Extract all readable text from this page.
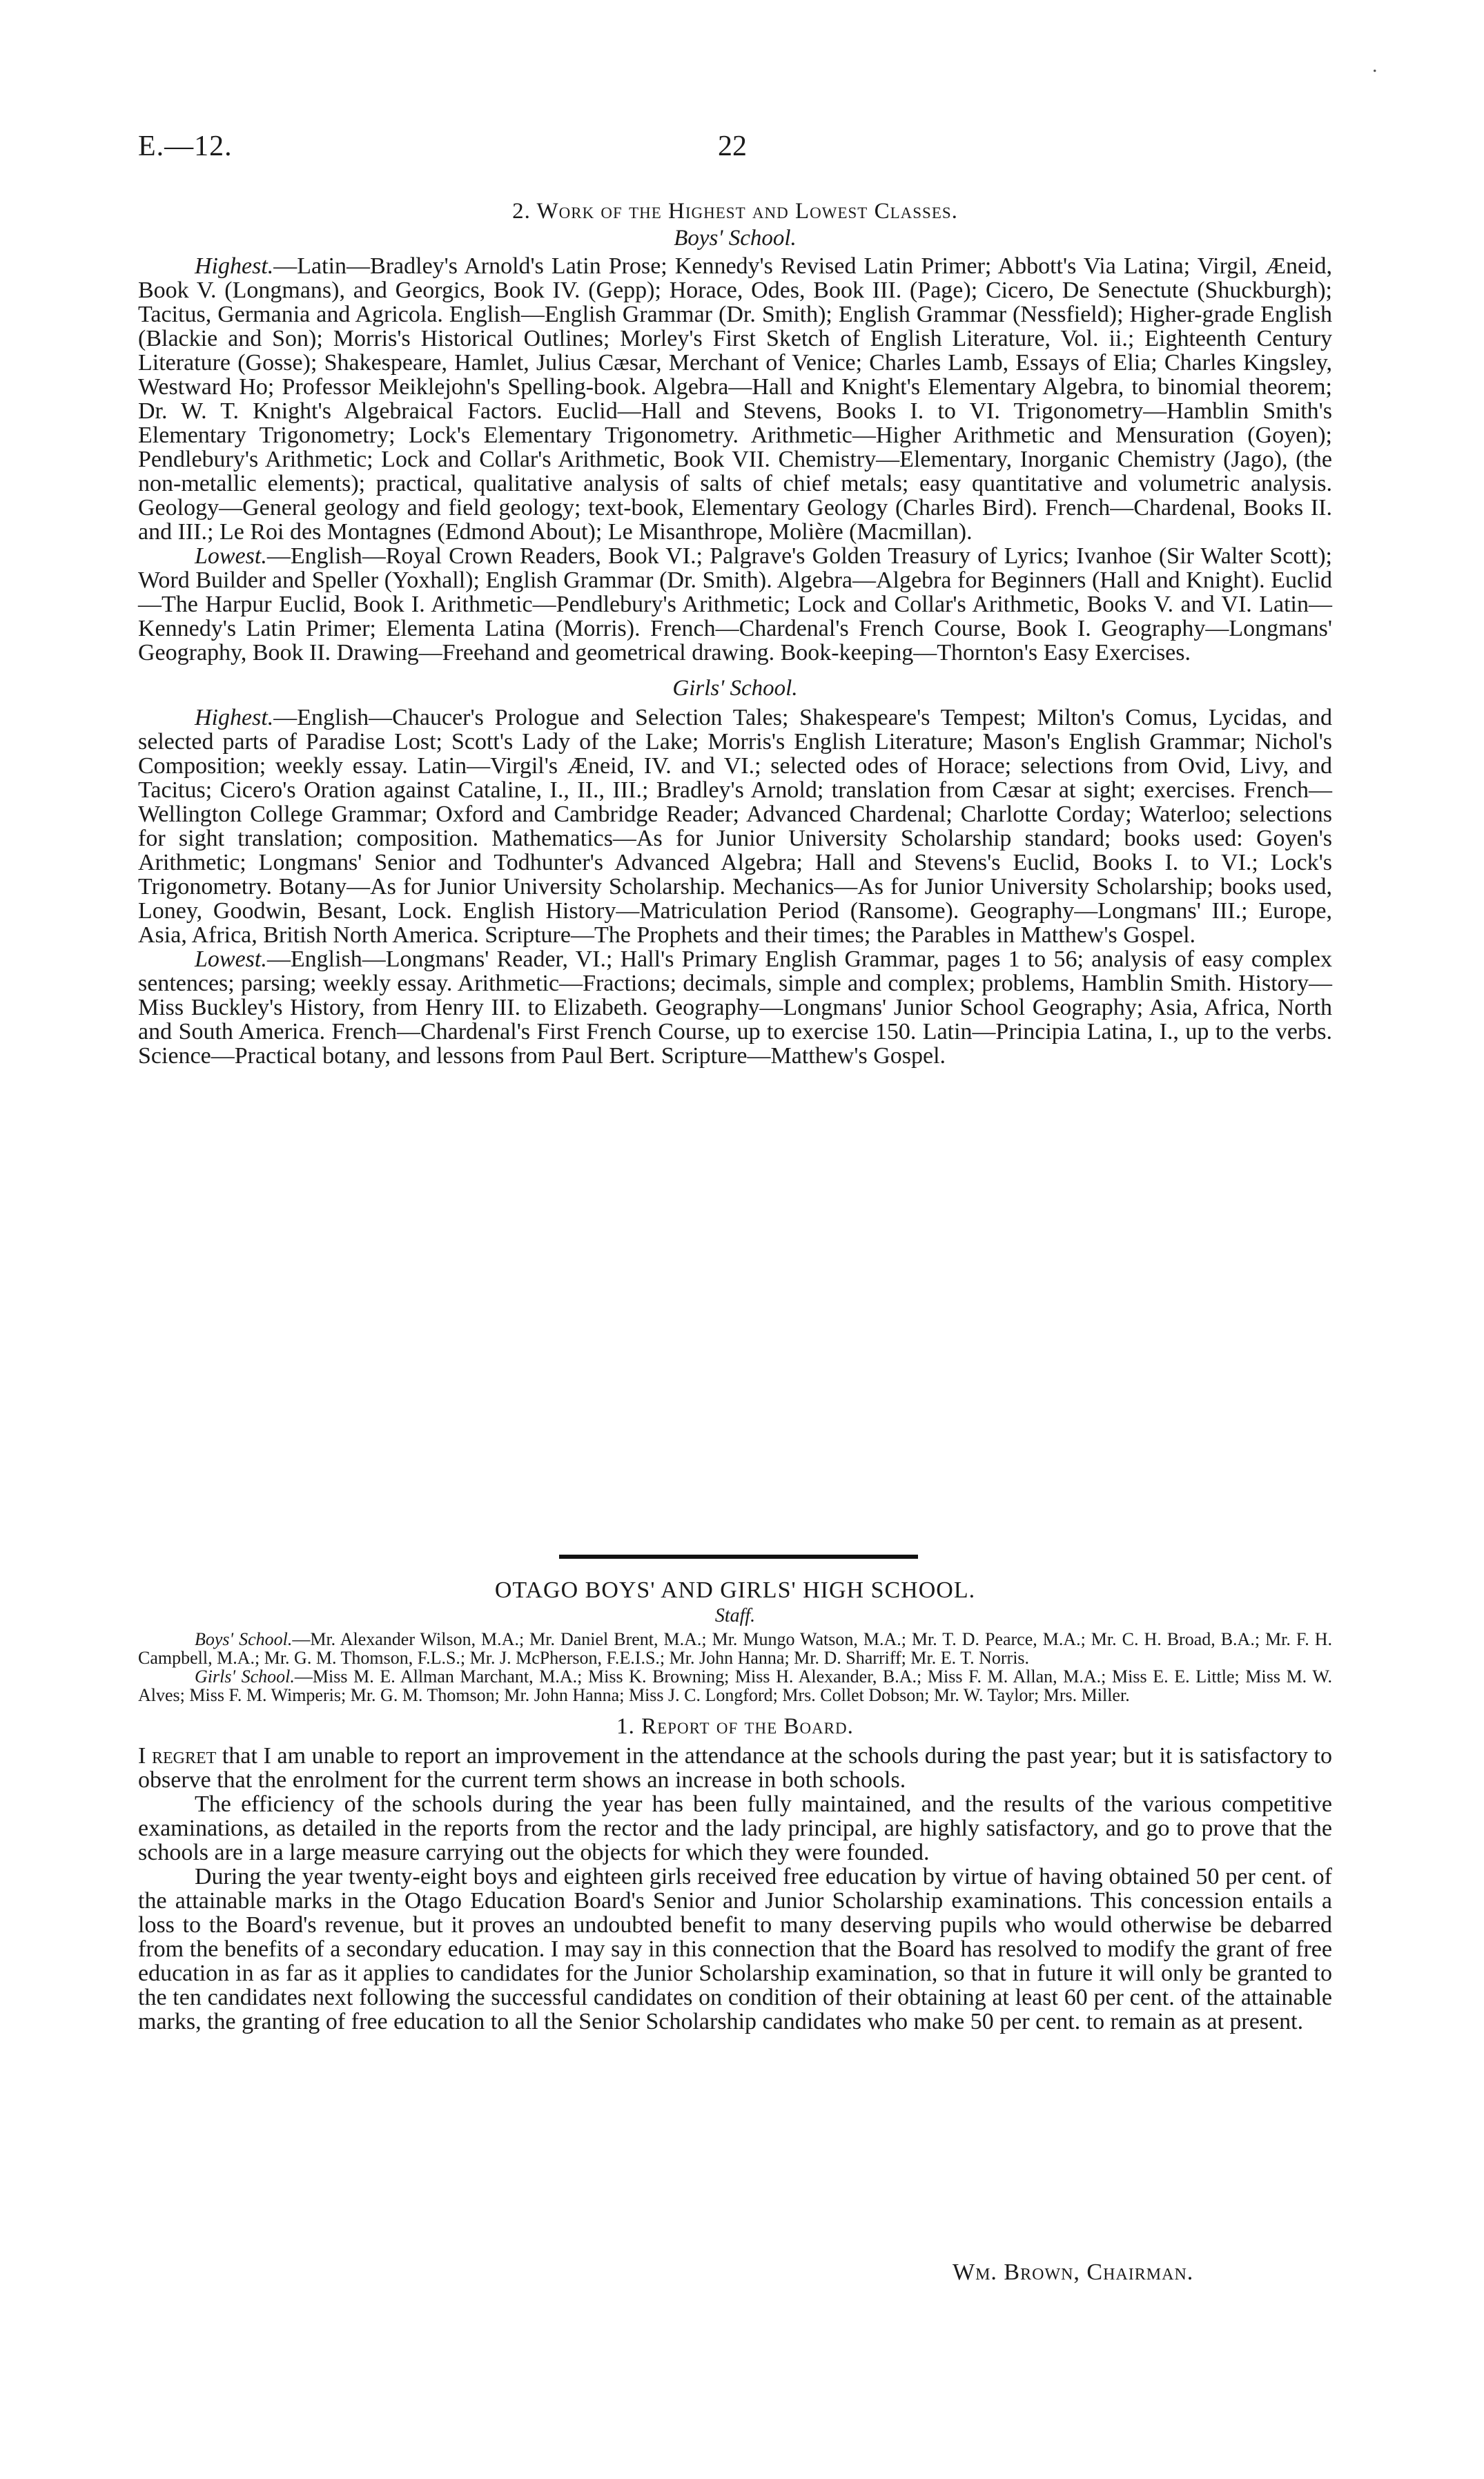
.
E.—12.	22

2. Work of the Highest and Lowest Classes.

Boys' School.

Highest.—Latin—Bradley's Arnold's Latin Prose; Kennedy's Revised Latin Primer; Abbott's Via Latina; Virgil, Æneid, Book V. (Longmans), and Georgics, Book IV. (Gepp); Horace, Odes, Book III. (Page); Cicero, De Senectute (Shuckburgh); Tacitus, Germania and Agricola. English—English Grammar (Dr. Smith); English Grammar (Nessfield); Higher-grade English (Blackie and Son); Morris's Historical Outlines; Morley's First Sketch of English Literature, Vol. ii.; Eighteenth Century Literature (Gosse); Shakespeare, Hamlet, Julius Cæsar, Merchant of Venice; Charles Lamb, Essays of Elia; Charles Kingsley, Westward Ho; Professor Meiklejohn's Spelling-book. Algebra—Hall and Knight's Elementary Algebra, to binomial theorem; Dr. W. T. Knight's Algebraical Factors. Euclid—Hall and Stevens, Books I. to VI. Trigonometry—Hamblin Smith's Elementary Trigonometry; Lock's Elementary Trigonometry. Arithmetic—Higher Arithmetic and Mensuration (Goyen); Pendlebury's Arithmetic; Lock and Collar's Arithmetic, Book VII. Chemistry—Elementary, Inorganic Chemistry (Jago), (the non-metallic elements); practical, qualitative analysis of salts of chief metals; easy quantitative and volumetric analysis. Geology—General geology and field geology; text-book, Elementary Geology (Charles Bird). French—Chardenal, Books II. and III.; Le Roi des Montagnes (Edmond About); Le Misanthrope, Molière (Macmillan).

Lowest.—English—Royal Crown Readers, Book VI.; Palgrave's Golden Treasury of Lyrics; Ivanhoe (Sir Walter Scott); Word Builder and Speller (Yoxhall); English Grammar (Dr. Smith). Algebra—Algebra for Beginners (Hall and Knight). Euclid—The Harpur Euclid, Book I. Arithmetic—Pendlebury's Arithmetic; Lock and Collar's Arithmetic, Books V. and VI. Latin—Kennedy's Latin Primer; Elementa Latina (Morris). French—Chardenal's French Course, Book I. Geography—Longmans' Geography, Book II. Drawing—Freehand and geometrical drawing. Book-keeping—Thornton's Easy Exercises.

Girls' School.

Highest.—English—Chaucer's Prologue and Selection Tales; Shakespeare's Tempest; Milton's Comus, Lycidas, and selected parts of Paradise Lost; Scott's Lady of the Lake; Morris's English Literature; Mason's English Grammar; Nichol's Composition; weekly essay. Latin—Virgil's Æneid, IV. and VI.; selected odes of Horace; selections from Ovid, Livy, and Tacitus; Cicero's Oration against Cataline, I., II., III.; Bradley's Arnold; translation from Cæsar at sight; exercises. French—Wellington College Grammar; Oxford and Cambridge Reader; Advanced Chardenal; Charlotte Corday; Waterloo; selections for sight translation; composition. Mathematics—As for Junior University Scholarship standard; books used: Goyen's Arithmetic; Longmans' Senior and Todhunter's Advanced Algebra; Hall and Stevens's Euclid, Books I. to VI.; Lock's Trigonometry. Botany—As for Junior University Scholarship. Mechanics—As for Junior University Scholarship; books used, Loney, Goodwin, Besant, Lock. English History—Matriculation Period (Ransome). Geography—Longmans' III.; Europe, Asia, Africa, British North America. Scripture—The Prophets and their times; the Parables in Matthew's Gospel.

Lowest.—English—Longmans' Reader, VI.; Hall's Primary English Grammar, pages 1 to 56; analysis of easy complex sentences; parsing; weekly essay. Arithmetic—Fractions; decimals, simple and complex; problems, Hamblin Smith. History—Miss Buckley's History, from Henry III. to Elizabeth. Geography—Longmans' Junior School Geography; Asia, Africa, North and South America. French—Chardenal's First French Course, up to exercise 150. Latin—Principia Latina, I., up to the verbs. Science—Practical botany, and lessons from Paul Bert. Scripture—Matthew's Gospel.

OTAGO BOYS' AND GIRLS' HIGH SCHOOL.

Staff.

Boys' School.—Mr. Alexander Wilson, M.A.; Mr. Daniel Brent, M.A.; Mr. Mungo Watson, M.A.; Mr. T. D. Pearce, M.A.; Mr. C. H. Broad, B.A.; Mr. F. H. Campbell, M.A.; Mr. G. M. Thomson, F.L.S.; Mr. J. McPherson, F.E.I.S.; Mr. John Hanna; Mr. D. Sharriff; Mr. E. T. Norris.

Girls' School.—Miss M. E. Allman Marchant, M.A.; Miss K. Browning; Miss H. Alexander, B.A.; Miss F. M. Allan, M.A.; Miss E. E. Little; Miss M. W. Alves; Miss F. M. Wimperis; Mr. G. M. Thomson; Mr. John Hanna; Miss J. C. Longford; Mrs. Collet Dobson; Mr. W. Taylor; Mrs. Miller.

1. Report of the Board.

I regret that I am unable to report an improvement in the attendance at the schools during the past year; but it is satisfactory to observe that the enrolment for the current term shows an increase in both schools.

The efficiency of the schools during the year has been fully maintained, and the results of the various competitive examinations, as detailed in the reports from the rector and the lady principal, are highly satisfactory, and go to prove that the schools are in a large measure carrying out the objects for which they were founded.

During the year twenty-eight boys and eighteen girls received free education by virtue of having obtained 50 per cent. of the attainable marks in the Otago Education Board's Senior and Junior Scholarship examinations. This concession entails a loss to the Board's revenue, but it proves an undoubted benefit to many deserving pupils who would otherwise be debarred from the benefits of a secondary education. I may say in this connection that the Board has resolved to modify the grant of free education in as far as it applies to candidates for the Junior Scholarship examination, so that in future it will only be granted to the ten candidates next following the successful candidates on condition of their obtaining at least 60 per cent. of the attainable marks, the granting of free education to all the Senior Scholarship candidates who make 50 per cent. to remain as at present.

Wm. Brown, Chairman.
